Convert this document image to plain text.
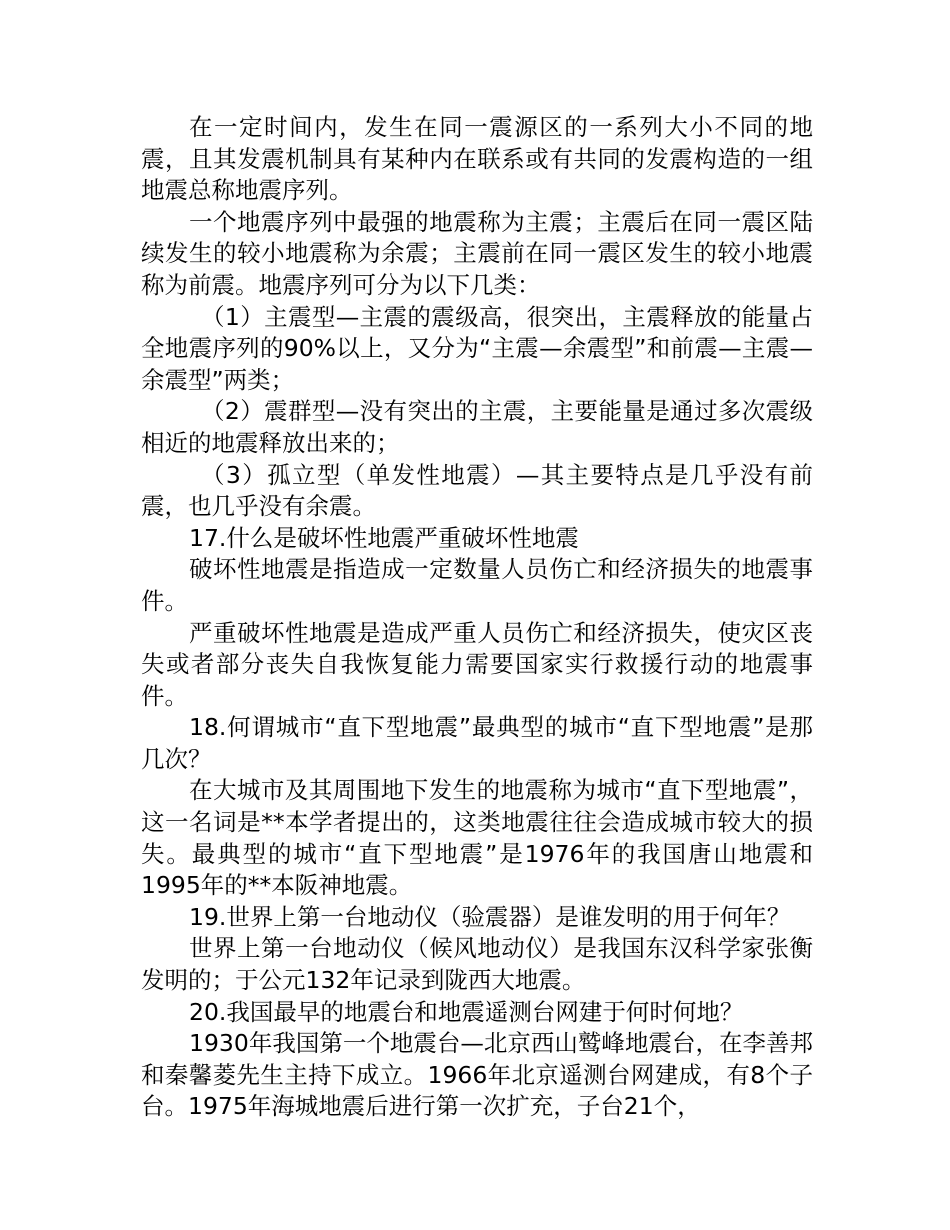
在一定时间内，发生在同一震源区的一系列大小不同的地震，且其发震机制具有某种内在联系或有共同的发震构造的一组地震总称地震序列。

一个地震序列中最强的地震称为主震；主震后在同一震区陆续发生的较小地震称为余震；主震前在同一震区发生的较小地震称为前震。地震序列可分为以下几类：

（1）主震型—主震的震级高，很突出，主震释放的能量占全地震序列的90%以上，又分为“主震—余震型”和前震—主震—余震型”两类；

（2）震群型—没有突出的主震，主要能量是通过多次震级相近的地震释放出来的；

（3）孤立型（单发性地震）—其主要特点是几乎没有前震，也几乎没有余震。

17.什么是破坏性地震严重破坏性地震

破坏性地震是指造成一定数量人员伤亡和经济损失的地震事件。

严重破坏性地震是造成严重人员伤亡和经济损失，使灾区丧失或者部分丧失自我恢复能力需要国家实行救援行动的地震事件。

18.何谓城市“直下型地震”最典型的城市“直下型地震”是那几次？

在大城市及其周围地下发生的地震称为城市“直下型地震”，这一名词是**本学者提出的，这类地震往往会造成城市较大的损失。最典型的城市“直下型地震”是1976年的我国唐山地震和1995年的**本阪神地震。

19.世界上第一台地动仪（验震器）是谁发明的用于何年？

世界上第一台地动仪（候风地动仪）是我国东汉科学家张衡发明的；于公元132年记录到陇西大地震。

20.我国最早的地震台和地震遥测台网建于何时何地？

1930年我国第一个地震台—北京西山鹫峰地震台，在李善邦和秦馨菱先生主持下成立。1966年北京遥测台网建成，有8个子台。1975年海城地震后进行第一次扩充，子台21个，
